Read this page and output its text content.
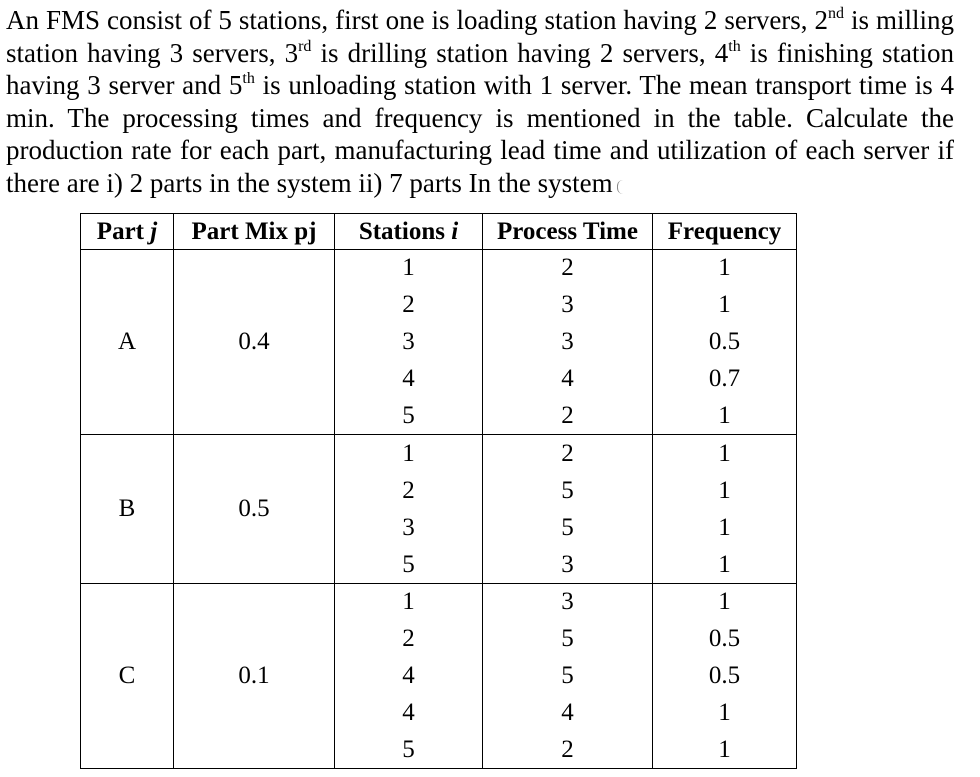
An FMS consist of 5 stations, first one is loading station having 2 servers, 2nd is milling
station having 3 servers, 3rd is drilling station having 2 servers, 4th is finishing station
having 3 server and 5th is unloading station with 1 server. The mean transport time is 4
min. The processing times and frequency is mentioned in the table. Calculate the
production rate for each part, manufacturing lead time and utilization of each server if
there are i) 2 parts in the system ii) 7 parts In the system
Part j	Part Mix pj	Stations i	Process Time	Frequency
A	0.4	1	2	1
		2	3	1
		3	3	0.5
		4	4	0.7
		5	2	1
B	0.5	1	2	1
		2	5	1
		3	5	1
		5	3	1
C	0.1	1	3	1
		2	5	0.5
		4	5	0.5
		4	4	1
		5	2	1
